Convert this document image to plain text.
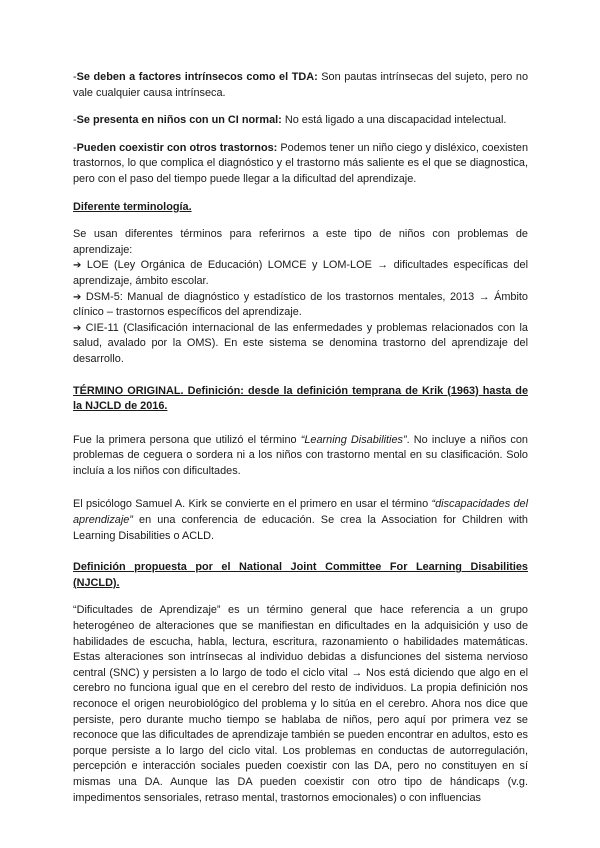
-Se deben a factores intrínsecos como el TDA: Son pautas intrínsecas del sujeto, pero no vale cualquier causa intrínseca.

-Se presenta en niños con un CI normal: No está ligado a una discapacidad intelectual.

-Pueden coexistir con otros trastornos: Podemos tener un niño ciego y disléxico, coexisten trastornos, lo que complica el diagnóstico y el trastorno más saliente es el que se diagnostica, pero con el paso del tiempo puede llegar a la dificultad del aprendizaje.

Diferente terminología.

Se usan diferentes términos para referirnos a este tipo de niños con problemas de aprendizaje:

➔ LOE (Ley Orgánica de Educación) LOMCE y LOM-LOE → dificultades específicas del aprendizaje, ámbito escolar.

➔ DSM-5: Manual de diagnóstico y estadístico de los trastornos mentales, 2013 → Ámbito clínico – trastornos específicos del aprendizaje.

➔ CIE-11 (Clasificación internacional de las enfermedades y problemas relacionados con la salud, avalado por la OMS). En este sistema se denomina trastorno del aprendizaje del desarrollo.

TÉRMINO ORIGINAL. Definición: desde la definición temprana de Krik (1963) hasta de la NJCLD de 2016.

Fue la primera persona que utilizó el término “Learning Disabilities”. No incluye a niños con problemas de ceguera o sordera ni a los niños con trastorno mental en su clasificación. Solo incluía a los niños con dificultades.

El psicólogo Samuel A. Kirk se convierte en el primero en usar el término “discapacidades del aprendizaje” en una conferencia de educación. Se crea la Association for Children with Learning Disabilities o ACLD.

Definición propuesta por el National Joint Committee For Learning Disabilities (NJCLD).

“Dificultades de Aprendizaje” es un término general que hace referencia a un grupo heterogéneo de alteraciones que se manifiestan en dificultades en la adquisición y uso de habilidades de escucha, habla, lectura, escritura, razonamiento o habilidades matemáticas. Estas alteraciones son intrínsecas al individuo debidas a disfunciones del sistema nervioso central (SNC) y persisten a lo largo de todo el ciclo vital → Nos está diciendo que algo en el cerebro no funciona igual que en el cerebro del resto de individuos. La propia definición nos reconoce el origen neurobiológico del problema y lo sitúa en el cerebro. Ahora nos dice que persiste, pero durante mucho tiempo se hablaba de niños, pero aquí por primera vez se reconoce que las dificultades de aprendizaje también se pueden encontrar en adultos, esto es porque persiste a lo largo del ciclo vital. Los problemas en conductas de autorregulación, percepción e interacción sociales pueden coexistir con las DA, pero no constituyen en sí mismas una DA. Aunque las DA pueden coexistir con otro tipo de hándicaps (v.g. impedimentos sensoriales, retraso mental, trastornos emocionales) o con influencias
